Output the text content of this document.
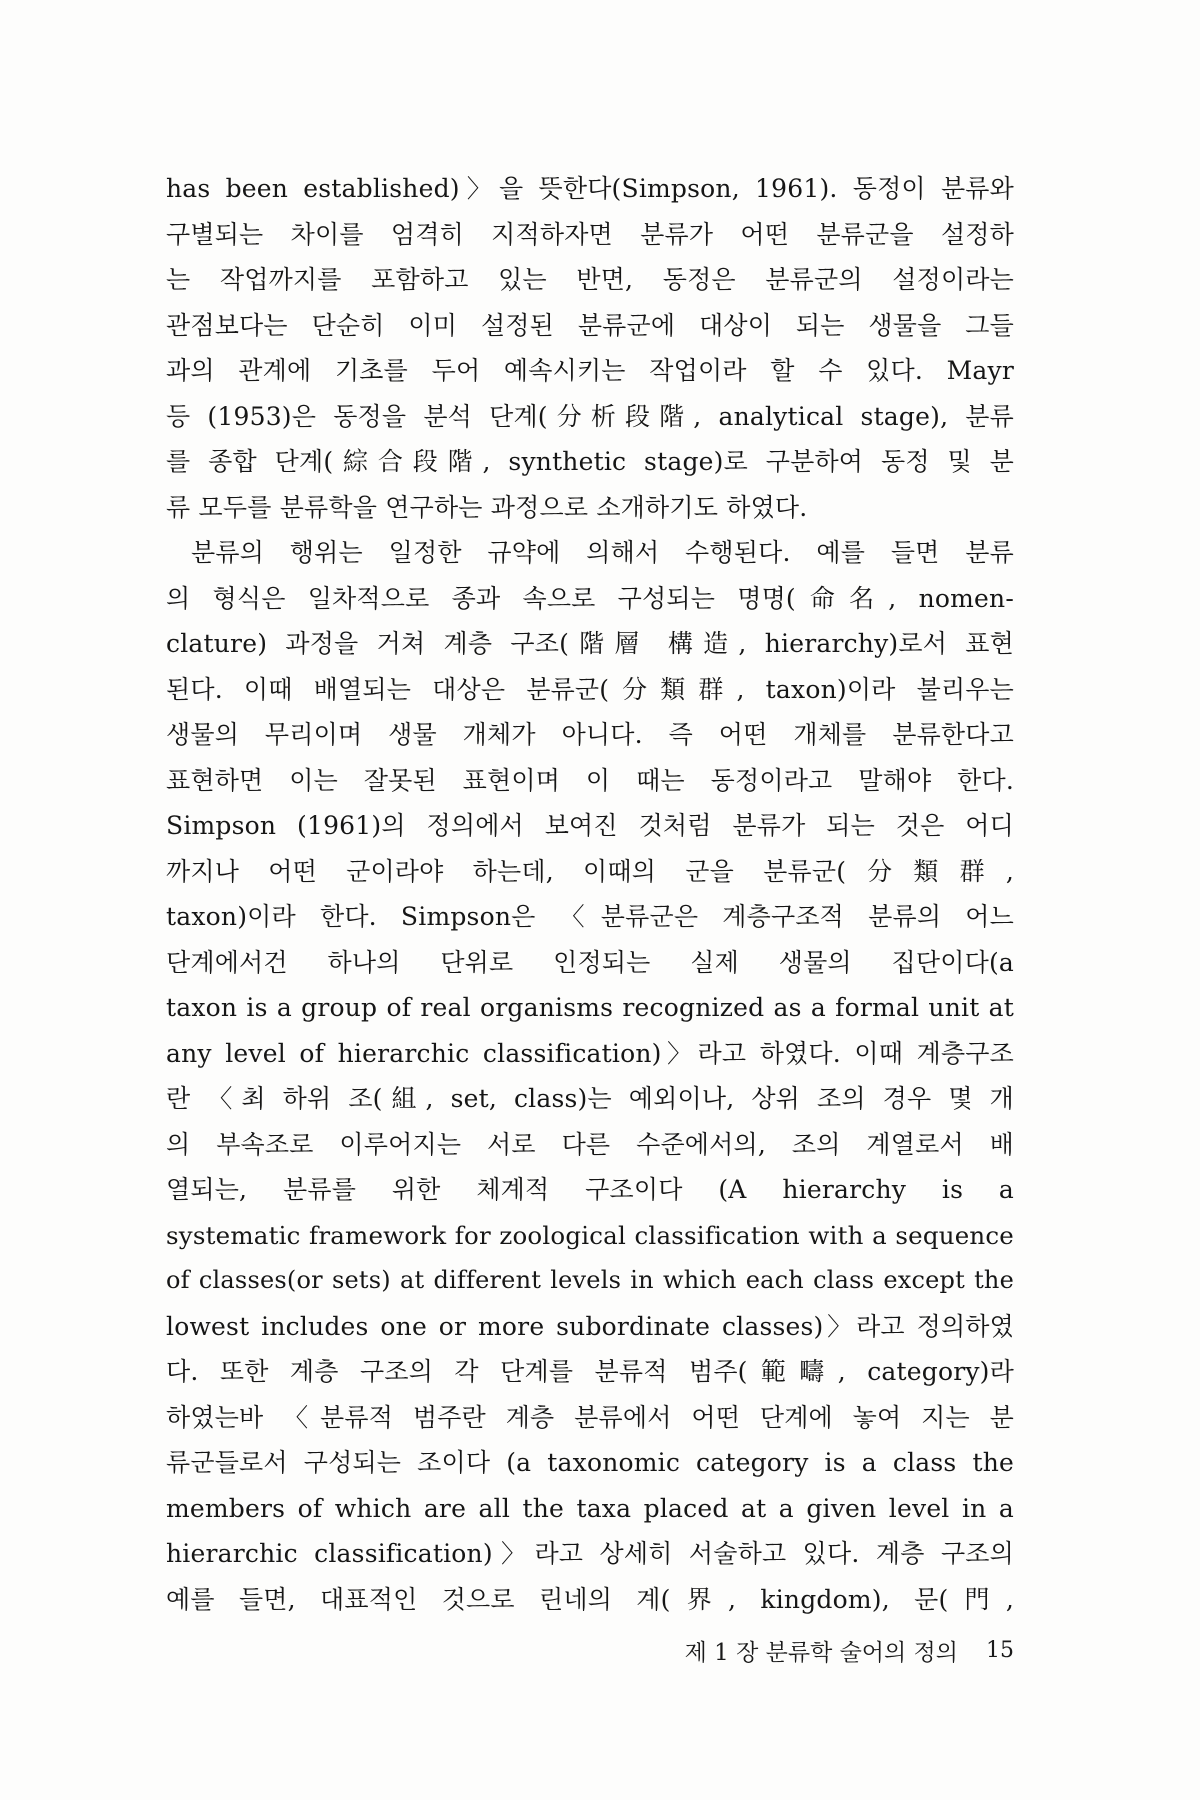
has been established)〉을 뜻한다(Simpson, 1961). 동정이 분류와
구별되는 차이를 엄격히 지적하자면 분류가 어떤 분류군을 설정하
는 작업까지를 포함하고 있는 반면, 동정은 분류군의 설정이라는
관점보다는 단순히 이미 설정된 분류군에 대상이 되는 생물을 그들
과의 관계에 기초를 두어 예속시키는 작업이라 할 수 있다. Mayr
등 (1953)은 동정을 분석 단계(分析段階, analytical stage), 분류
를 종합 단계(綜合段階, synthetic stage)로 구분하여 동정 및 분
류 모두를 분류학을 연구하는 과정으로 소개하기도 하였다.
분류의 행위는 일정한 규약에 의해서 수행된다. 예를 들면 분류
의 형식은 일차적으로 종과 속으로 구성되는 명명(命名, nomen-
clature) 과정을 거쳐 계층 구조(階層 構造, hierarchy)로서 표현
된다. 이때 배열되는 대상은 분류군(分類群, taxon)이라 불리우는
생물의 무리이며 생물 개체가 아니다. 즉 어떤 개체를 분류한다고
표현하면 이는 잘못된 표현이며 이 때는 동정이라고 말해야 한다.
Simpson (1961)의 정의에서 보여진 것처럼 분류가 되는 것은 어디
까지나 어떤 군이라야 하는데, 이때의 군을 분류군(分類群,
taxon)이라 한다. Simpson은 〈분류군은 계층구조적 분류의 어느
단계에서건 하나의 단위로 인정되는 실제 생물의 집단이다(a
taxon is a group of real organisms recognized as a formal unit at
any level of hierarchic classification)〉라고 하였다. 이때 계층구조
란 〈최 하위 조(組, set, class)는 예외이나, 상위 조의 경우 몇 개
의 부속조로 이루어지는 서로 다른 수준에서의, 조의 계열로서 배
열되는, 분류를 위한 체계적 구조이다 (A hierarchy is a
systematic framework for zoological classification with a sequence
of classes(or sets) at different levels in which each class except the
lowest includes one or more subordinate classes)〉라고 정의하였
다. 또한 계층 구조의 각 단계를 분류적 범주(範疇, category)라
하였는바 〈분류적 범주란 계층 분류에서 어떤 단계에 놓여 지는 분
류군들로서 구성되는 조이다 (a taxonomic category is a class the
members of which are all the taxa placed at a given level in a
hierarchic classification)〉라고 상세히 서술하고 있다. 계층 구조의
예를 들면, 대표적인 것으로 린네의 계(界, kingdom), 문(門,
제 1 장 분류학 술어의 정의 15
